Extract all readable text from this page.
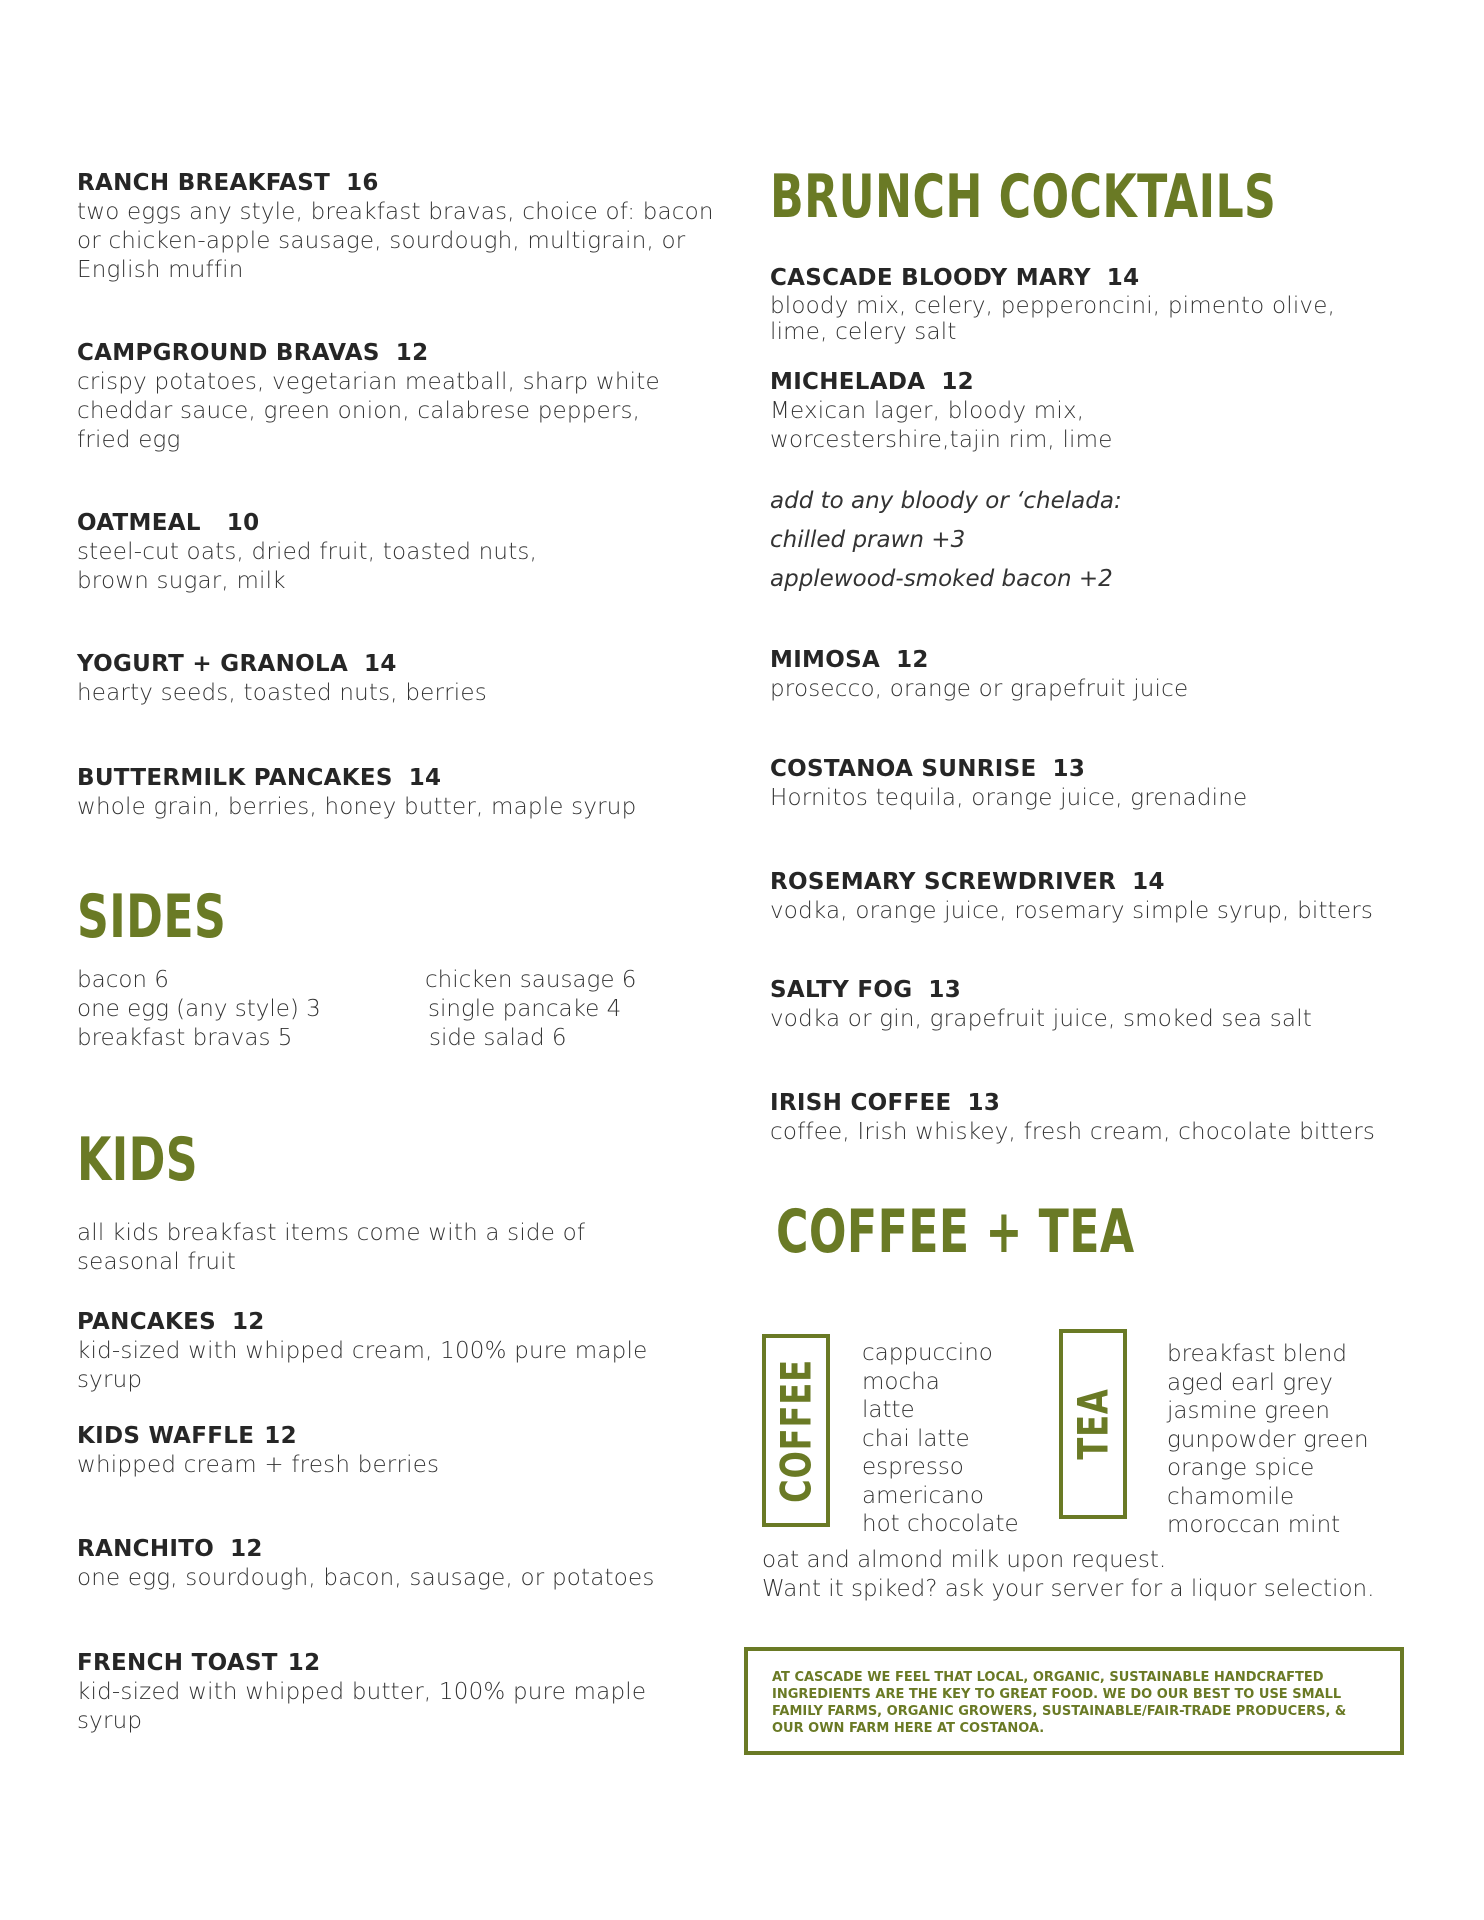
RANCH BREAKFAST 16
two eggs any style, breakfast bravas, choice of: bacon
or chicken-apple sausage, sourdough, multigrain, or
English muffin
CAMPGROUND BRAVAS 12
crispy potatoes, vegetarian meatball, sharp white
cheddar sauce, green onion, calabrese peppers,
fried egg
OATMEAL 10
steel-cut oats, dried fruit, toasted nuts,
brown sugar, milk
YOGURT + GRANOLA 14
hearty seeds, toasted nuts, berries
BUTTERMILK PANCAKES 14
whole grain, berries, honey butter, maple syrup
SIDES
bacon 6
one egg (any style) 3
breakfast bravas 5
chicken sausage 6
single pancake 4
side salad 6
KIDS
all kids breakfast items come with a side of
seasonal fruit
PANCAKES 12
kid-sized with whipped cream, 100% pure maple syrup
KIDS WAFFLE 12
whipped cream + fresh berries
RANCHITO 12
one egg, sourdough, bacon, sausage, or potatoes
FRENCH TOAST 12
kid-sized with whipped butter, 100% pure maple syrup
BRUNCH COCKTAILS
CASCADE BLOODY MARY 14
bloody mix, celery, pepperoncini, pimento olive,
lime, celery salt
MICHELADA 12
Mexican lager, bloody mix,
worcestershire,tajin rim, lime
add to any bloody or ‘chelada:
chilled prawn +3
applewood-smoked bacon +2
MIMOSA 12
prosecco, orange or grapefruit juice
COSTANOA SUNRISE 13
Hornitos tequila, orange juice, grenadine
ROSEMARY SCREWDRIVER 14
vodka, orange juice, rosemary simple syrup, bitters
SALTY FOG 13
vodka or gin, grapefruit juice, smoked sea salt
IRISH COFFEE 13
coffee, Irish whiskey, fresh cream, chocolate bitters
COFFEE + TEA
COFFEE
cappuccino
mocha
latte
chai latte
espresso
americano
hot chocolate
TEA
breakfast blend
aged earl grey
jasmine green
gunpowder green
orange spice
chamomile
moroccan mint
oat and almond milk upon request.
Want it spiked? ask your server for a liquor selection.
AT CASCADE WE FEEL THAT LOCAL, ORGANIC, SUSTAINABLE HANDCRAFTED
INGREDIENTS ARE THE KEY TO GREAT FOOD. WE DO OUR BEST TO USE SMALL
FAMILY FARMS, ORGANIC GROWERS, SUSTAINABLE/FAIR-TRADE PRODUCERS, &
OUR OWN FARM HERE AT COSTANOA.
